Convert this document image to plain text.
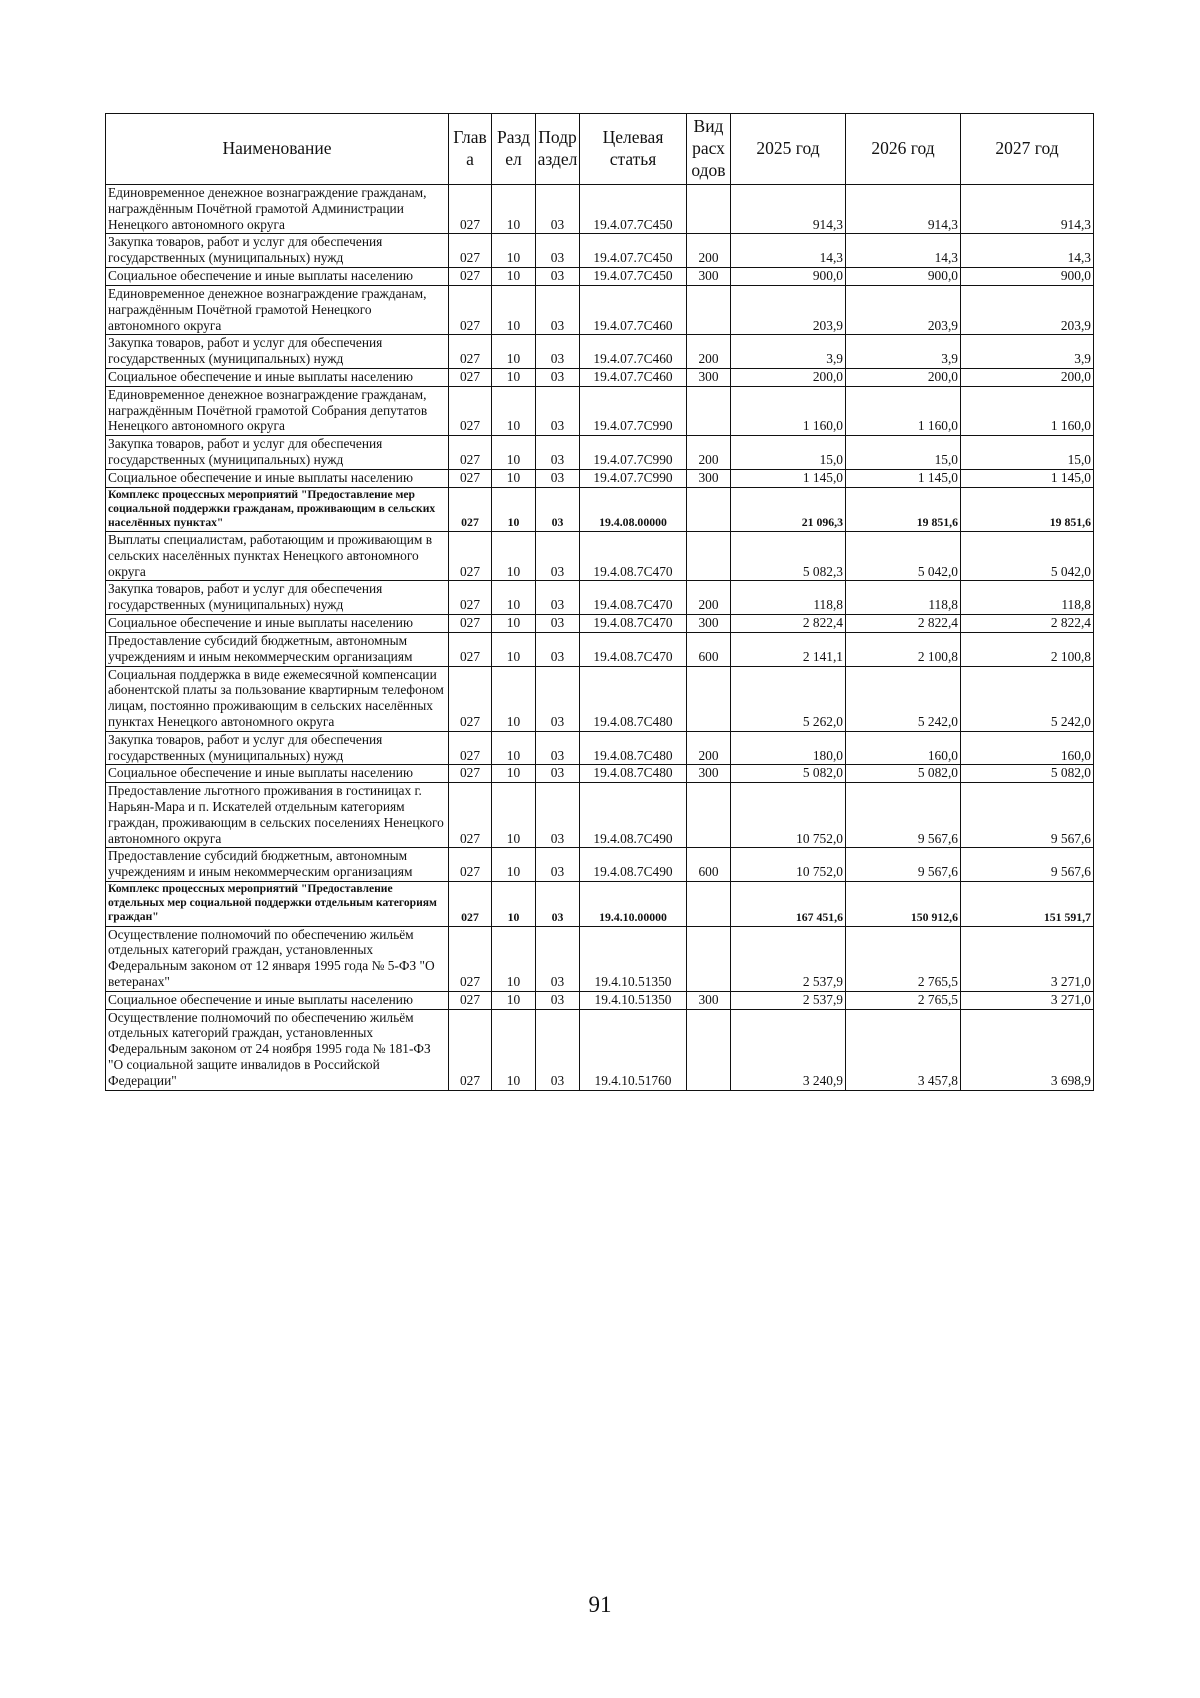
Наименование	Глав а	Разд ел	Подр аздел	Целевая статья	Вид расх одов	2025 год	2026 год	2027 год
Единовременное денежное вознаграждение гражданам, награждённым Почётной грамотой Администрации Ненецкого автономного округа	027	10	03	19.4.07.7С450		914,3	914,3	914,3
Закупка товаров, работ и услуг для обеспечения государственных (муниципальных) нужд	027	10	03	19.4.07.7С450	200	14,3	14,3	14,3
Социальное обеспечение и иные выплаты населению	027	10	03	19.4.07.7С450	300	900,0	900,0	900,0
Единовременное денежное вознаграждение гражданам, награждённым Почётной грамотой Ненецкого автономного округа	027	10	03	19.4.07.7С460		203,9	203,9	203,9
Закупка товаров, работ и услуг для обеспечения государственных (муниципальных) нужд	027	10	03	19.4.07.7С460	200	3,9	3,9	3,9
Социальное обеспечение и иные выплаты населению	027	10	03	19.4.07.7С460	300	200,0	200,0	200,0
Единовременное денежное вознаграждение гражданам, награждённым Почётной грамотой Собрания депутатов Ненецкого автономного округа	027	10	03	19.4.07.7С990		1 160,0	1 160,0	1 160,0
Закупка товаров, работ и услуг для обеспечения государственных (муниципальных) нужд	027	10	03	19.4.07.7С990	200	15,0	15,0	15,0
Социальное обеспечение и иные выплаты населению	027	10	03	19.4.07.7С990	300	1 145,0	1 145,0	1 145,0
Комплекс процессных мероприятий "Предоставление мер социальной поддержки гражданам, проживающим в сельских населённых пунктах"	027	10	03	19.4.08.00000		21 096,3	19 851,6	19 851,6
Выплаты специалистам, работающим и проживающим в сельских населённых пунктах Ненецкого автономного округа	027	10	03	19.4.08.7С470		5 082,3	5 042,0	5 042,0
Закупка товаров, работ и услуг для обеспечения государственных (муниципальных) нужд	027	10	03	19.4.08.7С470	200	118,8	118,8	118,8
Социальное обеспечение и иные выплаты населению	027	10	03	19.4.08.7С470	300	2 822,4	2 822,4	2 822,4
Предоставление субсидий бюджетным, автономным учреждениям и иным некоммерческим организациям	027	10	03	19.4.08.7С470	600	2 141,1	2 100,8	2 100,8
Социальная поддержка в виде ежемесячной компенсации абонентской платы за пользование квартирным телефоном лицам, постоянно проживающим в сельских населённых пунктах Ненецкого автономного округа	027	10	03	19.4.08.7С480		5 262,0	5 242,0	5 242,0
Закупка товаров, работ и услуг для обеспечения государственных (муниципальных) нужд	027	10	03	19.4.08.7С480	200	180,0	160,0	160,0
Социальное обеспечение и иные выплаты населению	027	10	03	19.4.08.7С480	300	5 082,0	5 082,0	5 082,0
Предоставление льготного проживания в гостиницах г. Нарьян-Мара и п. Искателей отдельным категориям граждан, проживающим в сельских поселениях Ненецкого автономного округа	027	10	03	19.4.08.7С490		10 752,0	9 567,6	9 567,6
Предоставление субсидий бюджетным, автономным учреждениям и иным некоммерческим организациям	027	10	03	19.4.08.7С490	600	10 752,0	9 567,6	9 567,6
Комплекс процессных мероприятий "Предоставление отдельных мер социальной поддержки отдельным категориям граждан"	027	10	03	19.4.10.00000		167 451,6	150 912,6	151 591,7
Осуществление полномочий по обеспечению жильём отдельных категорий граждан, установленных Федеральным законом от 12 января 1995 года № 5-ФЗ "О ветеранах"	027	10	03	19.4.10.51350		2 537,9	2 765,5	3 271,0
Социальное обеспечение и иные выплаты населению	027	10	03	19.4.10.51350	300	2 537,9	2 765,5	3 271,0
Осуществление полномочий по обеспечению жильём отдельных категорий граждан, установленных Федеральным законом от 24 ноября 1995 года № 181-ФЗ "О социальной защите инвалидов в Российской Федерации"	027	10	03	19.4.10.51760		3 240,9	3 457,8	3 698,9
91
